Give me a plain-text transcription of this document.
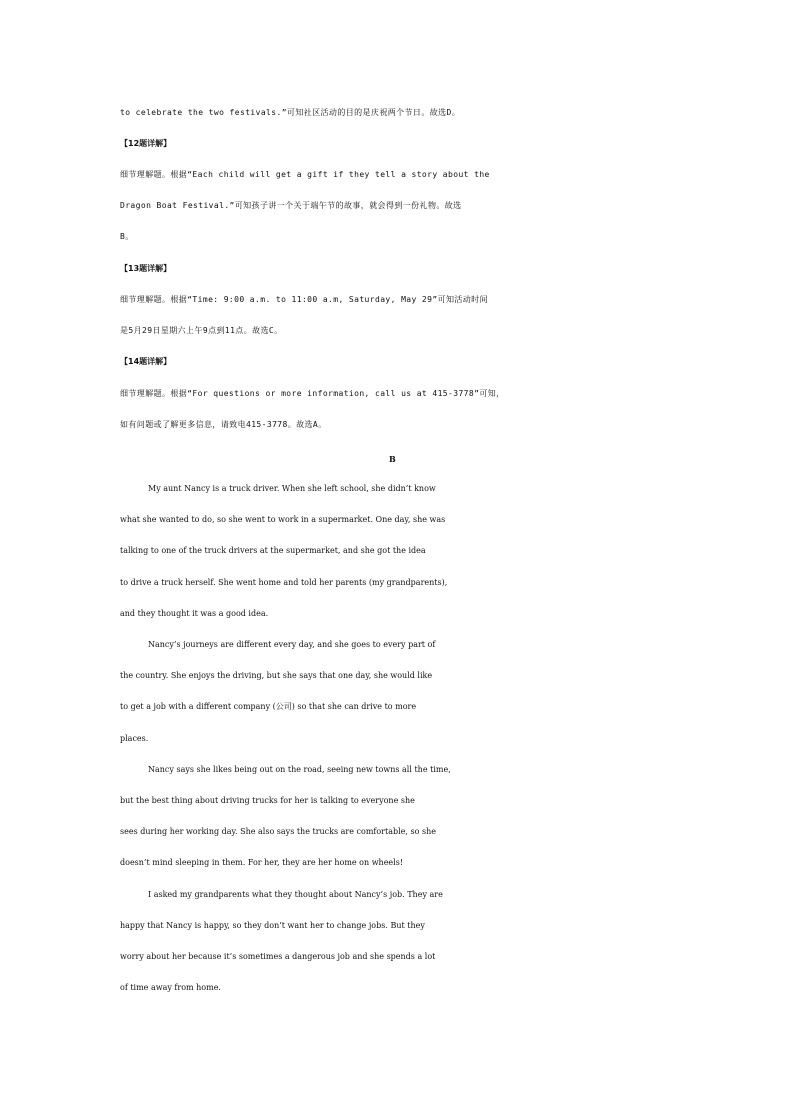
to celebrate the two festivals.”可知社区活动的目的是庆祝两个节日。故选D。
【12题详解】
细节理解题。根据“Each child will get a gift if they tell a story about the
Dragon Boat Festival.”可知孩子讲一个关于端午节的故事，就会得到一份礼物。故选
B。
【13题详解】
细节理解题。根据“Time: 9:00 a.m. to 11:00 a.m, Saturday, May 29”可知活动时间
是5月29日星期六上午9点到11点。故选C。
【14题详解】
细节理解题。根据“For questions or more information, call us at 415-3778”可知，
如有问题或了解更多信息，请致电415-3778。故选A。
B
My aunt Nancy is a truck driver. When she left school, she didn’t know
what she wanted to do, so she went to work in a supermarket. One day, she was
talking to one of the truck drivers at the supermarket, and she got the idea
to drive a truck herself. She went home and told her parents (my grandparents),
and they thought it was a good idea.
Nancy’s journeys are different every day, and she goes to every part of
the country. She enjoys the driving, but she says that one day, she would like
to get a job with a different company (公司) so that she can drive to more
places.
Nancy says she likes being out on the road, seeing new towns all the time,
but the best thing about driving trucks for her is talking to everyone she
sees during her working day. She also says the trucks are comfortable, so she
doesn’t mind sleeping in them. For her, they are her home on wheels!
I asked my grandparents what they thought about Nancy’s job. They are
happy that Nancy is happy, so they don’t want her to change jobs. But they
worry about her because it’s sometimes a dangerous job and she spends a lot
of time away from home.
